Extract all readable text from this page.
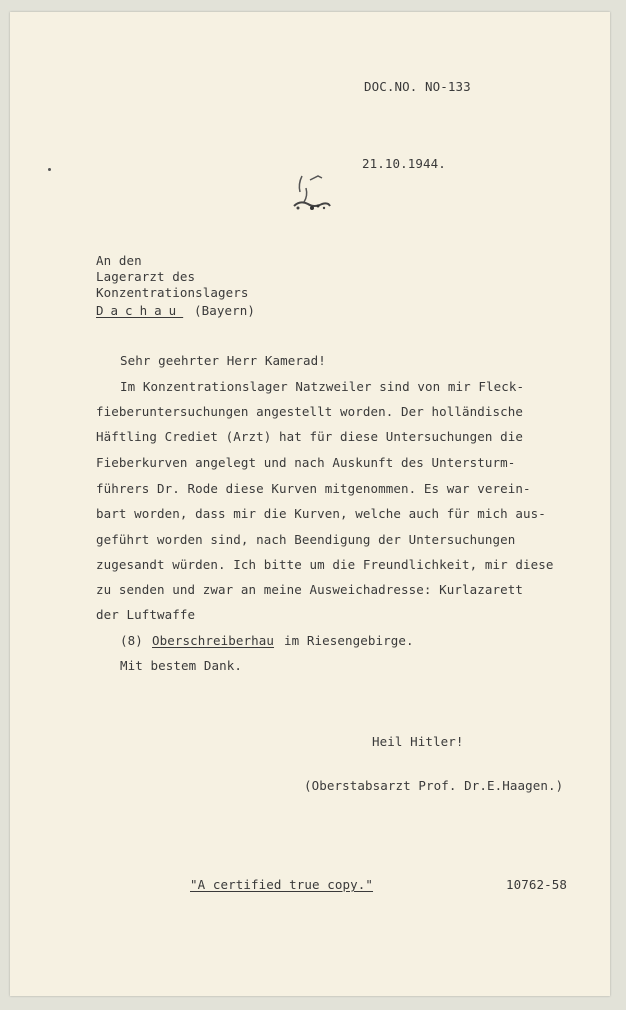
DOC.NO. NO-133
21.10.1944.
An den
Lagerarzt des
Konzentrationslagers
Dachau (Bayern)
Sehr geehrter Herr Kamerad!
Im Konzentrationslager Natzweiler sind von mir Fleck-
fieberuntersuchungen angestellt worden. Der holländische
Häftling Crediet (Arzt) hat für diese Untersuchungen die
Fieberkurven angelegt und nach Auskunft des Untersturm-
führers Dr. Rode diese Kurven mitgenommen. Es war verein-
bart worden, dass mir die Kurven, welche auch für mich aus-
geführt worden sind, nach Beendigung der Untersuchungen
zugesandt würden. Ich bitte um die Freundlichkeit, mir diese
zu senden und zwar an meine Ausweichadresse: Kurlazarett
der Luftwaffe
(8) Oberschreiberhau im Riesengebirge.
Mit bestem Dank.
Heil Hitler!
(Oberstabsarzt Prof. Dr.E.Haagen.)
"A certified true copy."	10762-58
